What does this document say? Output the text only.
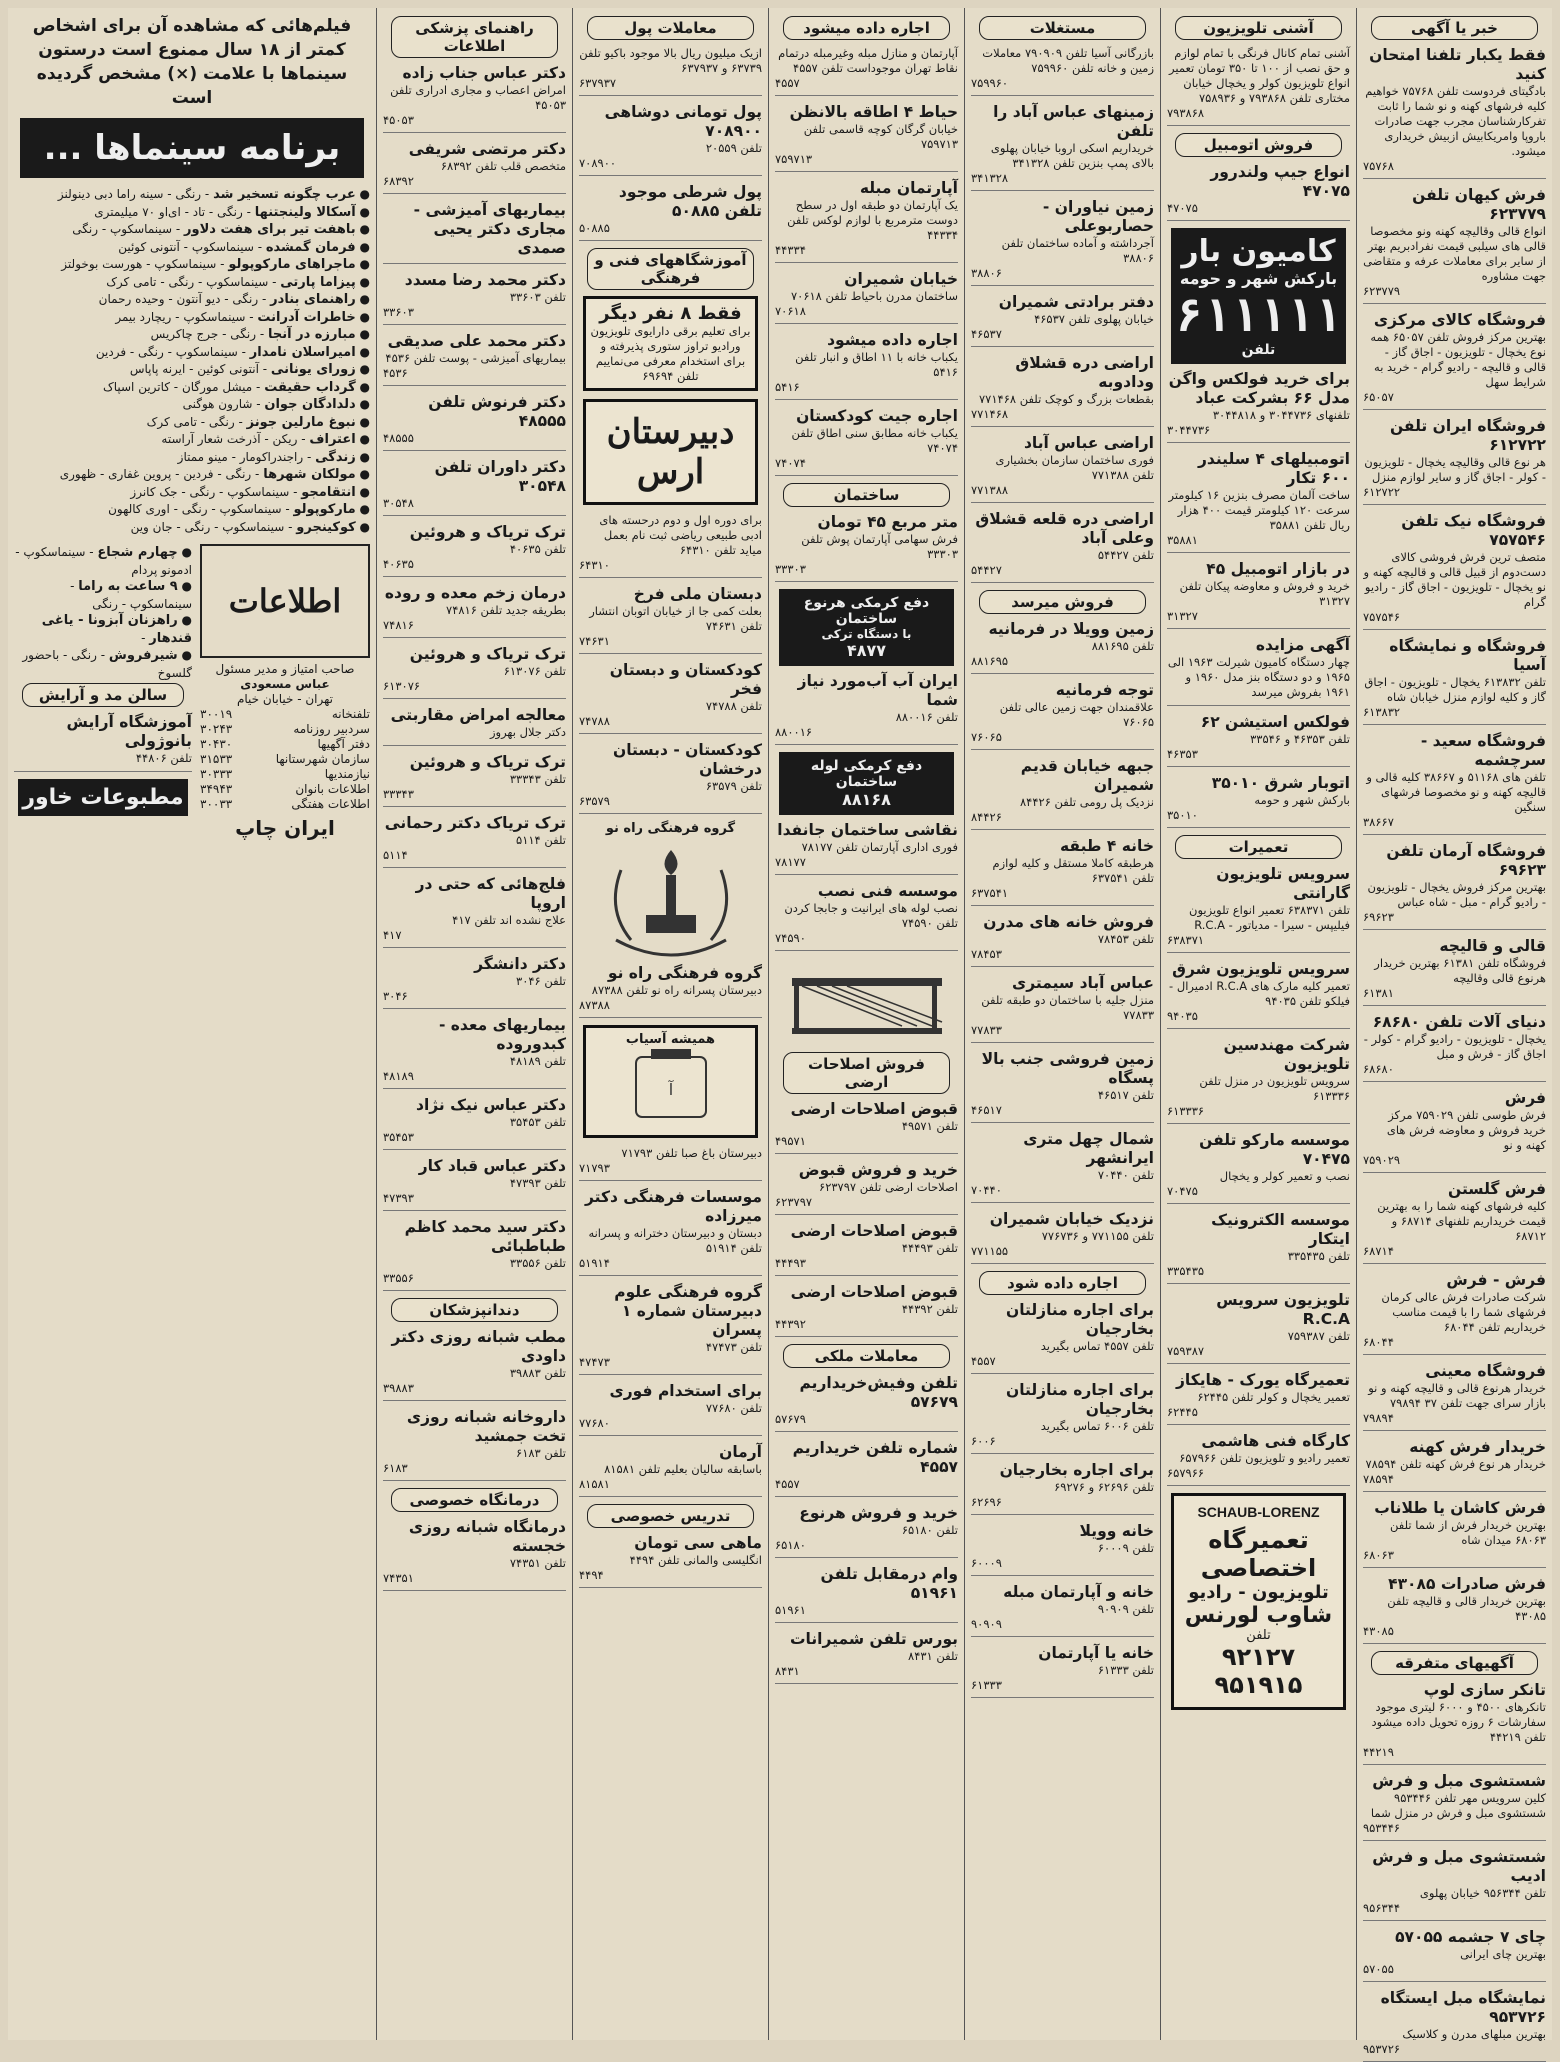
خبر یا آگهی
فقط یکبار تلفنا امتحان کنید
بادگیتای فردوست تلفن ۷۵۷۶۸ خواهیم کلیه فرشهای کهنه و نو شما را ثابت تفرکارشناسان مجرب جهت صادرات باروپا وامریکابیش ازبیش خریداری میشود.
۷۵۷۶۸
فرش کیهان تلفن ۶۲۳۷۷۹
انواع قالی وقالیچه کهنه ونو مخصوصا قالی های سیلبی قیمت نفرادبریم بهتر از سایر برای معاملات عرفه و متقاضی جهت مشاوره
۶۲۳۷۷۹
فروشگاه کالای مرکزی
بهترین مرکز فروش تلفن ۶۵۰۵۷ همه نوع یخچال - تلویزیون - اجاق گاز - قالی و قالیچه - رادیو گرام - خرید به شرایط سهل
۶۵۰۵۷
فروشگاه ایران تلفن ۶۱۲۷۲۲
هر نوع قالی وقالیچه یخچال - تلویزیون - کولر - اجاق گاز و سایر لوازم منزل
۶۱۲۷۲۲
فروشگاه نیک تلفن ۷۵۷۵۴۶
متصف ترین فرش فروشی کالای دست‌دوم از قبیل قالی و قالیچه کهنه و نو یخچال - تلویزیون - اجاق گاز - رادیو گرام
۷۵۷۵۴۶
فروشگاه و نمایشگاه آسیا
تلفن ۶۱۳۸۳۲ یخچال - تلویزیون - اجاق گاز و کلیه لوازم منزل خیابان شاه
۶۱۳۸۳۲
فروشگاه سعید - سرچشمه
تلفن های ۵۱۱۶۸ و ۳۸۶۶۷ کلیه قالی و قالیچه کهنه و نو مخصوصا فرشهای سنگین
۳۸۶۶۷
فروشگاه آرمان تلفن ۶۹۶۲۳
بهترین مرکز فروش یخچال - تلویزیون - رادیو گرام - مبل - شاه عباس
۶۹۶۲۳
قالی و قالیچه
فروشگاه تلفن ۶۱۳۸۱ بهترین خریدار هرنوع قالی وقالیچه
۶۱۳۸۱
دنیای آلات تلفن ۶۸۶۸۰
یخچال - تلویزیون - رادیو گرام - کولر - اجاق گاز - فرش و مبل
۶۸۶۸۰
فرش
فرش طوسی تلفن ۷۵۹۰۲۹ مرکز خرید فروش و معاوضه فرش های کهنه و نو
۷۵۹۰۲۹
فرش گلستن
کلیه فرشهای کهنه شما را به بهترین قیمت خریداریم تلفنهای ۶۸۷۱۴ و ۶۸۷۱۲
۶۸۷۱۴
فرش - فرش
شرکت صادرات فرش عالی کرمان فرشهای شما را با قیمت مناسب خریداریم تلفن ۶۸۰۴۴
۶۸۰۴۴
فروشگاه معینی
خریدار هرنوع قالی و قالیچه کهنه و نو بازار سرای جهت تلفن ۳۷ ۷۹۸۹۴
۷۹۸۹۴
خریدار فرش کهنه
خریدار هر نوع فرش کهنه تلفن ۷۸۵۹۴
۷۸۵۹۴
فرش کاشان یا طلاناب
بهترین خریدار فرش از شما تلفن ۶۸۰۶۳ میدان شاه
۶۸۰۶۳
فرش صادرات ۴۳۰۸۵
بهترین خریدار قالی و قالیچه تلفن ۴۳۰۸۵
۴۳۰۸۵
آگهیهای متفرقه
تانکر سازی لوپ
تانکرهای ۴۵۰۰ و ۶۰۰۰ لیتری موجود سفارشات ۶ روزه تحویل داده میشود تلفن ۴۴۲۱۹
۴۴۲۱۹
شستشوی مبل و فرش
کلین سرویس مهر تلفن ۹۵۳۴۴۶ شستشوی مبل و فرش در منزل شما
۹۵۳۴۴۶
شستشوی مبل و فرش ادیب
تلفن ۹۵۶۳۴۴ خیابان پهلوی
۹۵۶۳۴۴
چای ۷ جشمه ۵۷۰۵۵
بهترین چای ایرانی
۵۷۰۵۵
نمایشگاه مبل ایستگاه ۹۵۳۷۲۶
بهترین مبلهای مدرن و کلاسیک
۹۵۳۷۲۶
آشنی تلویزیون
آشنی تمام کانال فرنگی با تمام لوازم و حق نصب از ۱۰۰ تا ۳۵۰ تومان تعمیر انواع تلویزیون کولر و یخچال خیابان مختاری تلفن ۷۹۳۸۶۸ و ۷۵۸۹۳۶
۷۹۳۸۶۸
فروش اتومبیل
انواع جیپ ولندرور ۴۷۰۷۵
۴۷۰۷۵
کامیون بار
بارکش شهر و حومه
۶۱۱۱۱۱
تلفن
برای خرید فولکس واگن مدل ۶۶ بشرکت عباد
تلفنهای ۳۰۴۴۷۳۶ و ۳۰۴۴۸۱۸
۳۰۴۴۷۳۶
اتومبیلهای ۴ سلیندر ۶۰۰ تکار
ساخت آلمان مصرف بنزین ۱۶ کیلومتر سرعت ۱۲۰ کیلومتر قیمت ۴۰۰ هزار ریال تلفن ۳۵۸۸۱
۳۵۸۸۱
در بازار اتومبیل ۴۵
خرید و فروش و معاوضه پیکان تلفن ۳۱۳۲۷
۳۱۳۲۷
آگهی مزایده
چهار دستگاه کامیون شیرلت ۱۹۶۳ الی ۱۹۶۵ و دو دستگاه بنز مدل ۱۹۶۰ و ۱۹۶۱ بفروش میرسد
فولکس استیشن ۶۲
تلفن ۴۶۳۵۳ و ۳۳۵۴۶
۴۶۳۵۳
اتوبار شرق ۳۵۰۱۰
بارکش شهر و حومه
۳۵۰۱۰
تعمیرات
سرویس تلویزیون گارانتی
تلفن ۶۳۸۳۷۱ تعمیر انواع تلویزیون فیلیپس - سیرا - مدیاتور - R.C.A
۶۳۸۳۷۱
سرویس تلویزیون شرق
تعمیر کلیه مارک های R.C.A ادمیرال - فیلکو تلفن ۹۴۰۳۵
۹۴۰۳۵
شرکت مهندسین تلویزیون
سرویس تلویزیون در منزل تلفن ۶۱۳۳۳۶
۶۱۳۳۳۶
موسسه مارکو تلفن ۷۰۴۷۵
نصب و تعمیر کولر و یخچال
۷۰۴۷۵
موسسه الکترونیک ایتکار
تلفن ۳۳۵۴۳۵
۳۳۵۴۳۵
تلویزیون سرویس R.C.A
تلفن ۷۵۹۳۸۷
۷۵۹۳۸۷
تعمیرگاه یورک - هایکاز
تعمیر یخچال و کولر تلفن ۶۲۴۴۵
۶۲۴۴۵
کارگاه فنی هاشمی
تعمیر رادیو و تلویزیون تلفن ۶۵۷۹۶۶
۶۵۷۹۶۶
SCHAUB-LORENZ
تعمیرگاه اختصاصی
تلویزیون - رادیو
شاوب لورنس
تلفن
۹۲۱۲۷
۹۵۱۹۱۵
مستغلات
بازرگانی آسیا تلفن ۷۹۰۹۰۹ معاملات زمین و خانه تلفن ۷۵۹۹۶۰
۷۵۹۹۶۰
زمینهای عباس آباد را تلفن
خریداریم اسکی اروبا خیابان پهلوی بالای پمپ بنزین تلفن ۳۴۱۳۲۸
۳۴۱۳۲۸
زمین نیاوران - حصاربوعلی
آجرداشته و آماده ساختمان تلفن ۳۸۸۰۶
۳۸۸۰۶
دفتر برادتی شمیران
خیابان پهلوی تلفن ۴۶۵۳۷
۴۶۵۳۷
اراضی دره قشلاق ودادوبه
بقطعات بزرگ و کوچک تلفن ۷۷۱۴۶۸
۷۷۱۴۶۸
اراضی عباس آباد
فوری ساختمان سازمان بخشیاری تلفن ۷۷۱۳۸۸
۷۷۱۳۸۸
اراضی دره قلعه قشلاق وعلی آباد
تلفن ۵۴۴۲۷
۵۴۴۲۷
فروش میرسد
زمین وویلا در فرمانیه
تلفن ۸۸۱۶۹۵
۸۸۱۶۹۵
توجه فرمانیه
علاقمندان جهت زمین عالی تلفن ۷۶۰۶۵
۷۶۰۶۵
جبهه خیابان قدیم شمیران
نزدیک پل رومی تلفن ۸۴۴۲۶
۸۴۴۲۶
خانه ۴ طبقه
هرطبقه کاملا مستقل و کلیه لوازم تلفن ۶۳۷۵۴۱
۶۳۷۵۴۱
فروش خانه های مدرن
تلفن ۷۸۴۵۳
۷۸۴۵۳
عباس آباد سیمتری
منزل جلیه با ساختمان دو طبقه تلفن ۷۷۸۳۳
۷۷۸۳۳
زمین فروشی جنب بالا پسگاه
تلفن ۴۶۵۱۷
۴۶۵۱۷
شمال چهل متری ایرانشهر
تلفن ۷۰۴۴۰
۷۰۴۴۰
نزدیک خیابان شمیران
تلفن ۷۷۱۱۵۵ و ۷۷۶۷۳۶
۷۷۱۱۵۵
اجاره داده شود
برای اجاره منازلتان بخارجیان
تلفن ۴۵۵۷ تماس بگیرید
۴۵۵۷
برای اجاره منازلتان بخارجیان
تلفن ۶۰۰۶ تماس بگیرید
۶۰۰۶
برای اجاره بخارجیان
تلفن ۶۲۶۹۶ و ۶۹۲۷۶
۶۲۶۹۶
خانه وویلا
تلفن ۶۰۰۰۹
۶۰۰۰۹
خانه و آپارتمان مبله
تلفن ۹۰۹۰۹
۹۰۹۰۹
خانه یا آپارتمان
تلفن ۶۱۳۳۳
۶۱۳۳۳
اجاره داده میشود
آپارتمان و منازل مبله وغیرمبله درتمام نقاط تهران موجوداست تلفن ۴۵۵۷
۴۵۵۷
حیاط ۴ اطاقه بالانظن
خیابان گرگان کوچه قاسمی تلفن ۷۵۹۷۱۳
۷۵۹۷۱۳
آپارتمان مبله
یک آپارتمان دو طبقه اول در سطح دوست مترمربع با لوازم لوکس تلفن ۴۴۳۳۴
۴۴۳۳۴
خیابان شمیران
ساختمان مدرن باحیاط تلفن ۷۰۶۱۸
۷۰۶۱۸
اجاره داده میشود
یکباب خانه با ۱۱ اطاق و انبار تلفن ۵۴۱۶
۵۴۱۶
اجاره جیت کودکستان
یکباب خانه مطابق سنی اطاق تلفن ۷۴۰۷۴
۷۴۰۷۴
ساختمان
متر مربع ۴۵ تومان
فرش سهامی آپارتمان پوش تلفن ۳۳۳۰۳
۳۳۳۰۳
دفع کرمکی هرنوع ساختمان
با دستگاه ترکی
۴۸۷۷
ایران آب آب‌مورد نیاز شما
تلفن ۸۸۰۰۱۶
۸۸۰۰۱۶
دفع کرمکی لوله ساختمان
۸۸۱۶۸
نقاشی ساختمان جانفدا
فوری اداری آپارتمان تلفن ۷۸۱۷۷
۷۸۱۷۷
موسسه فنی نصب
نصب لوله های ایرانیت و جابجا کردن تلفن ۷۴۵۹۰
۷۴۵۹۰
فروش اصلاحات ارضی
قبوض اصلاحات ارضی
تلفن ۴۹۵۷۱
۴۹۵۷۱
خرید و فروش قبوض
اصلاحات ارضی تلفن ۶۲۳۷۹۷
۶۲۳۷۹۷
قبوض اصلاحات ارضی
تلفن ۴۴۴۹۳
۴۴۴۹۳
قبوض اصلاحات ارضی
تلفن ۴۴۳۹۲
۴۴۳۹۲
معاملات ملکی
تلفن وفیش‌خریداریم ۵۷۶۷۹
۵۷۶۷۹
شماره تلفن خریداریم ۴۵۵۷
۴۵۵۷
خرید و فروش هرنوع
تلفن ۶۵۱۸۰
۶۵۱۸۰
وام درمقابل تلفن ۵۱۹۶۱
۵۱۹۶۱
بورس تلفن شمیرانات
تلفن ۸۴۳۱
۸۴۳۱
معاملات پول
ازیک میلیون ریال بالا موجود باکیو تلفن ۶۳۷۳۹ و ۶۳۷۹۳۷
۶۳۷۹۳۷
پول تومانی دوشاهی ۷۰۸۹۰۰
تلفن ۲۰۵۵۹
۷۰۸۹۰۰
پول شرطی موجود تلفن ۵۰۸۸۵
۵۰۸۸۵
آموزشگاههای فنی و فرهنگی
فقط ۸ نفر دیگر
برای تعلیم برقی دارایوی تلویزیون ورادیو تراوز ستوری پذیرفته و برای استخدام معرفی می‌نماییم تلفن ۶۹۶۹۴
دبیرستان ارس
برای دوره اول و دوم درحسته های ادبی طبیعی ریاضی ثبت نام بعمل میاید تلفن ۶۴۳۱۰
۶۴۳۱۰
دبستان ملی فرخ
بعلت کمی جا از خیابان اتوبان انتشار تلفن ۷۴۶۳۱
۷۴۶۳۱
کودکستان و دبستان فخر
تلفن ۷۴۷۸۸
۷۴۷۸۸
کودکستان - دبستان درخشان
تلفن ۶۳۵۷۹
۶۳۵۷۹
گروه فرهنگی راه نو
گروه فرهنگی راه نو
دبیرستان پسرانه راه نو تلفن ۸۷۳۸۸
۸۷۳۸۸
همیشه آسیاب
آ
دبیرستان باغ صبا تلفن ۷۱۷۹۳
۷۱۷۹۳
موسسات فرهنگی دکتر میرزاده
دبستان و دبیرستان دخترانه و پسرانه تلفن ۵۱۹۱۴
۵۱۹۱۴
گروه فرهنگی علوم دبیرستان شماره ۱ پسران
تلفن ۴۷۴۷۳
۴۷۴۷۳
برای استخدام فوری
تلفن ۷۷۶۸۰
۷۷۶۸۰
آرمان
باسابقه سالیان بعلیم تلفن ۸۱۵۸۱
۸۱۵۸۱
تدریس خصوصی
ماهی سی تومان
انگلیسی والمانی تلفن ۴۴۹۴
۴۴۹۴
راهنمای پزشکی اطلاعات
دکتر عباس جناب زاده
امراض اعصاب و مجاری ادراری تلفن ۴۵۰۵۳
۴۵۰۵۳
دکتر مرتضی شریفی
متخصص قلب تلفن ۶۸۳۹۲
۶۸۳۹۲
بیماریهای آمیزشی - مجاری دکتر یحیی صمدی
دکتر محمد رضا مسدد
تلفن ۳۳۶۰۳
۳۳۶۰۳
دکتر محمد علی صدیقی
بیماریهای آمیزشی - پوست تلفن ۴۵۳۶
۴۵۳۶
دکتر فرنوش تلفن ۴۸۵۵۵
۴۸۵۵۵
دکتر داوران تلفن ۳۰۵۴۸
۳۰۵۴۸
ترک تریاک و هروئین
تلفن ۴۰۶۳۵
۴۰۶۳۵
درمان زخم معده و روده
بطریقه جدید تلفن ۷۴۸۱۶
۷۴۸۱۶
ترک تریاک و هروئین
تلفن ۶۱۳۰۷۶
۶۱۳۰۷۶
معالجه امراض مقاربتی
دکتر جلال بهروز
ترک تریاک و هروئین
تلفن ۳۳۳۴۳
۳۳۳۴۳
ترک تریاک دکتر رحمانی
تلفن ۵۱۱۴
۵۱۱۴
فلج‌هائی که حتی در اروپا
علاج نشده اند تلفن ۴۱۷
۴۱۷
دکتر دانشگر
تلفن ۳۰۴۶
۳۰۴۶
بیماریهای معده - کبدوروده
تلفن ۴۸۱۸۹
۴۸۱۸۹
دکتر عباس نیک نژاد
تلفن ۳۵۴۵۳
۳۵۴۵۳
دکتر عباس قباد کار
تلفن ۴۷۳۹۳
۴۷۳۹۳
دکتر سید محمد کاظم طباطبائی
تلفن ۳۳۵۵۶
۳۳۵۵۶
دندانپزشکان
مطب شبانه روزی دکتر داودی
تلفن ۳۹۸۸۳
۳۹۸۸۳
داروخانه شبانه روزی تخت جمشید
تلفن ۶۱۸۳
۶۱۸۳
درمانگاه خصوصی
درمانگاه شبانه روزی خجسته
تلفن ۷۴۳۵۱
۷۴۳۵۱
فیلم‌هائی که مشاهده آن برای اشخاص کمتر از ۱۸ سال ممنوع است درستون سینماها با علامت (×) مشخص گردیده است
برنامه سینماها ...
● عرب چگونه تسخیر شد - رنگی - سینه راما دبی دینولنز
● آسکالا ولینجتنها - رنگی - تاد - ای‌او ۷۰ میلیمتری
● باهفت تیر برای هفت دلاور - سینماسکوپ - رنگی
● فرمان گمشده - سینماسکوپ - آنتونی کوئین
● ماجراهای مارکوپولو - سینماسکوپ - هورست بوخولتز
● پیزاما پارتی - سینماسکوپ - رنگی - تامی کرک
● راهنمای بنادر - رنگی - دیو آنتون - وحیده رحمان
● خاطرات آدرانت - سینماسکوپ - ریچارد بیمر
● مبارزه در آنجا - رنگی - جرج چاکریس
● امیراسلان نامدار - سینماسکوپ - رنگی - فردین
● زورای یونانی - آنتونی کوئین - ایرنه پاپاس
● گرداب حقیقت - میشل مورگان - کاترین اسپاک
● دلدادگان جوان - شارون هوگنی
● نبوغ مارلین جونز - رنگی - تامی کرک
● اعتراف - ریکن - آذرخت شعار آراسته
● زندگی - راجندراکومار - مینو ممتاز
● مولکان شهرها - رنگی - فردین - پروین غفاری - ظهوری
● انتقامجو - سینماسکوپ - رنگی - جک کانرز
● مارکوپولو - سینماسکوپ - رنگی - اوری کالهون
● کوکینجرو - سینماسکوپ - رنگی - جان وین
اطلاعات
صاحب امتیاز و مدیر مسئول
عباس مسعودی
تهران - خیابان خیام
تلفنخانه
۳۰۰۱۹
سردبیر روزنامه
۳۰۲۴۳
دفتر آگهیها
۳۰۴۳۰
سازمان شهرستانها
۳۱۵۳۳
نیازمندیها
۳۰۳۳۳
اطلاعات بانوان
۳۴۹۴۳
اطلاعات هفتگی
۳۰۰۳۳
ایران چاپ
● چهارم شجاع - سینماسکوپ - ادمونو پردام
● ۹ ساعت به راما - سینماسکوپ - رنگی
● راهزنان آبزونا - یاغی قندهار -
● شیرفروش - رنگی - باحضور گلسوخ
سالن مد و آرایش
آموزشگاه آرایش بانوژولی
تلفن ۴۴۸۰۶
مطبوعات خاور
